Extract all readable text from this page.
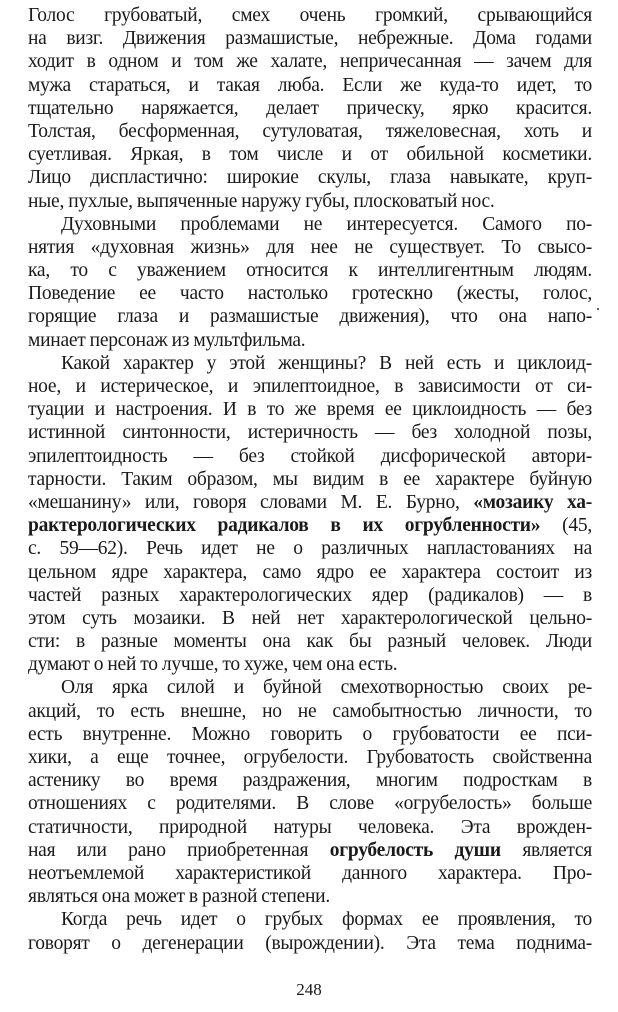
Голос грубоватый, смех очень громкий, срывающийся
на визг. Движения размашистые, небрежные. Дома годами
ходит в одном и том же халате, непричесанная — зачем для
мужа стараться, и такая люба. Если же куда-то идет, то
тщательно наряжается, делает прическу, ярко красится.
Толстая, бесформенная, сутуловатая, тяжеловесная, хоть и
суетливая. Яркая, в том числе и от обильной косметики.
Лицо диспластично: широкие скулы, глаза навыкате, круп-
ные, пухлые, выпяченные наружу губы, плосковатый нос.
Духовными проблемами не интересуется. Самого по-
нятия «духовная жизнь» для нее не существует. То свысо-
ка, то с уважением относится к интеллигентным людям.
Поведение ее часто настолько гротескно (жесты, голос,
горящие глаза и размашистые движения), что она напо-
минает персонаж из мультфильма.
Какой характер у этой женщины? В ней есть и циклоид-
ное, и истерическое, и эпилептоидное, в зависимости от си-
туации и настроения. И в то же время ее циклоидность — без
истинной синтонности, истеричность — без холодной позы,
эпилептоидность — без стойкой дисфорической автори-
тарности. Таким образом, мы видим в ее характере буйную
«мешанину» или, говоря словами М. Е. Бурно, «мозаику ха-
рактерологических радикалов в их огрубленности» (45,
с. 59—62). Речь идет не о различных напластованиях на
цельном ядре характера, само ядро ее характера состоит из
частей разных характерологических ядер (радикалов) — в
этом суть мозаики. В ней нет характерологической цельно-
сти: в разные моменты она как бы разный человек. Люди
думают о ней то лучше, то хуже, чем она есть.
Оля ярка силой и буйной смехотворностью своих ре-
акций, то есть внешне, но не самобытностью личности, то
есть внутренне. Можно говорить о грубоватости ее пси-
хики, а еще точнее, огрубелости. Грубоватость свойственна
астенику во время раздражения, многим подросткам в
отношениях с родителями. В слове «огрубелость» больше
статичности, природной натуры человека. Эта врожден-
ная или рано приобретенная огрубелость души является
неотъемлемой характеристикой данного характера. Про-
являться она может в разной степени.
Когда речь идет о грубых формах ее проявления, то
говорят о дегенерации (вырождении). Эта тема поднима-
248
